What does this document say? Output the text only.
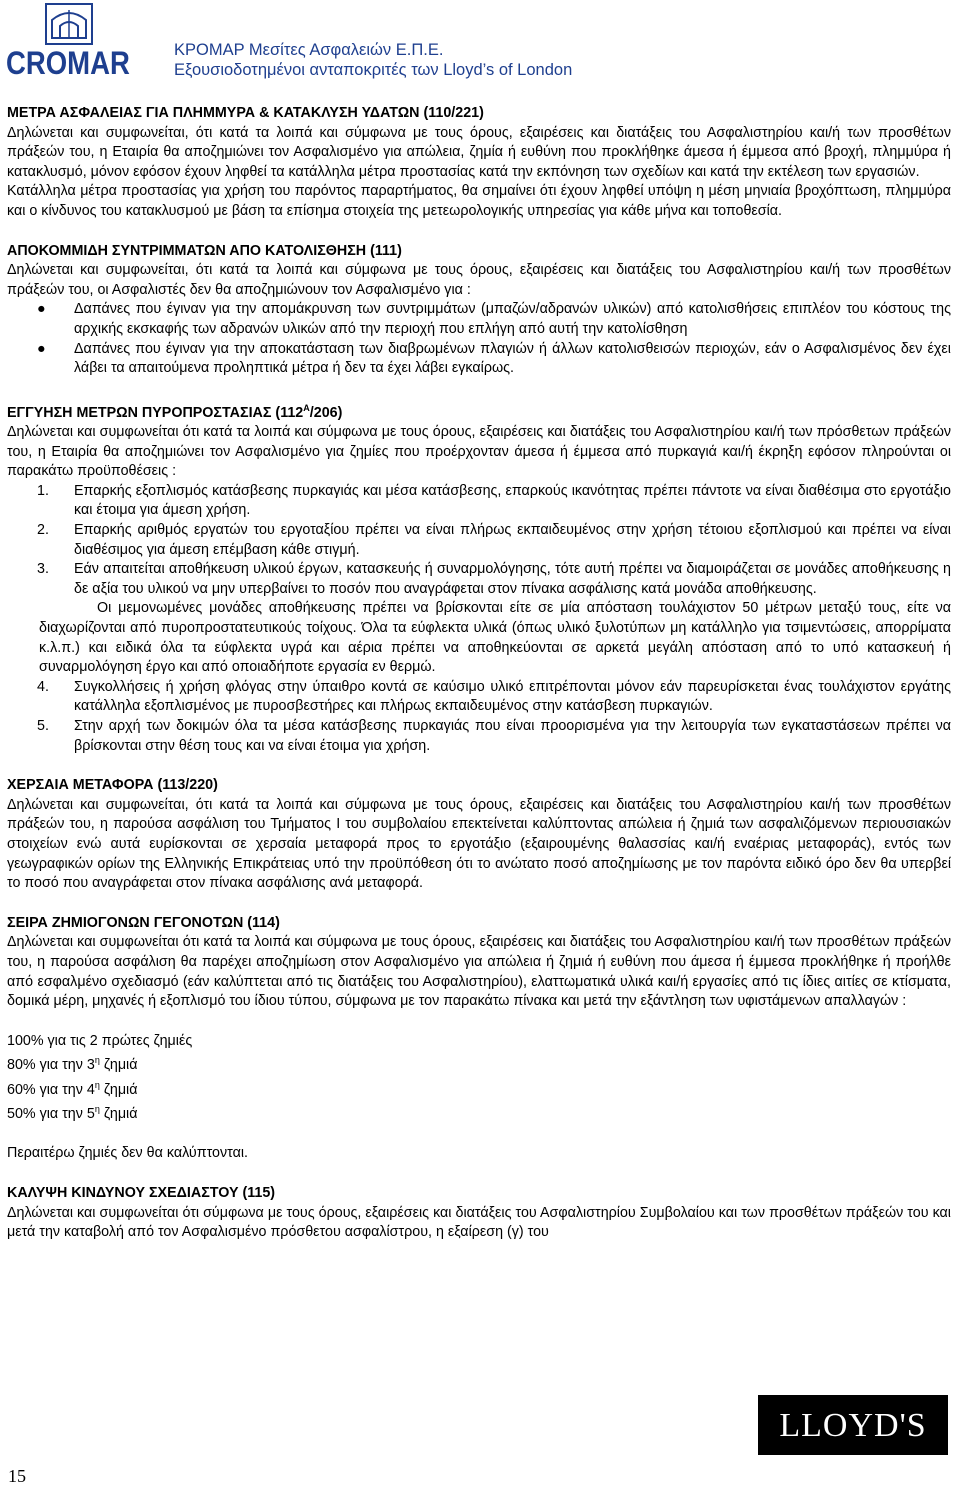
CROMAR	ΚΡΟΜΑΡ Μεσίτες Ασφαλειών Ε.Π.Ε.
Εξουσιοδοτημένοι ανταποκριτές των Lloyd’s of London

ΜΕΤΡΑ ΑΣΦΑΛΕΙΑΣ ΓΙΑ ΠΛΗΜΜΥΡΑ & ΚΑΤΑΚΛΥΣΗ ΥΔΑΤΩΝ (110/221)

Δηλώνεται και συμφωνείται, ότι κατά τα λοιπά και σύμφωνα με τους όρους, εξαιρέσεις και διατάξεις του Ασφαλιστηρίου και/ή των προσθέτων πράξεών του, η Εταιρία θα αποζημιώνει τον Ασφαλισμένο για απώλεια, ζημία ή ευθύνη που προκλήθηκε άμεσα ή έμμεσα από βροχή, πλημμύρα ή κατακλυσμό, μόνον εφόσον έχουν ληφθεί τα κατάλληλα μέτρα προστασίας κατά την εκπόνηση των σχεδίων και κατά την εκτέλεση των εργασιών.

Κατάλληλα μέτρα προστασίας για χρήση του παρόντος παραρτήματος, θα σημαίνει ότι έχουν ληφθεί υπόψη η μέση μηνιαία βροχόπτωση, πλημμύρα και ο κίνδυνος του κατακλυσμού με βάση τα επίσημα στοιχεία της μετεωρολογικής υπηρεσίας για κάθε μήνα και τοποθεσία.

ΑΠΟΚΟΜΜΙΔΗ ΣΥΝΤΡΙΜΜΑΤΩΝ ΑΠΟ ΚΑΤΟΛΙΣΘΗΣΗ (111)

Δηλώνεται και συμφωνείται, ότι κατά τα λοιπά και σύμφωνα με τους όρους, εξαιρέσεις και διατάξεις του Ασφαλιστηρίου και/ή των προσθέτων πράξεών του, οι Ασφαλιστές δεν θα αποζημιώνουν τον Ασφαλισμένο για :

● Δαπάνες που έγιναν για την απομάκρυνση των συντριμμάτων (μπαζών/αδρανών υλικών) από κατολισθήσεις επιπλέον του κόστους της αρχικής εκσκαφής των αδρανών υλικών από την περιοχή που επλήγη από αυτή την κατολίσθηση
● Δαπάνες που έγιναν για την αποκατάσταση των διαβρωμένων πλαγιών ή άλλων κατολισθεισών περιοχών, εάν ο Ασφαλισμένος δεν έχει λάβει τα απαιτούμενα προληπτικά μέτρα ή δεν τα έχει λάβει εγκαίρως.

ΕΓΓΥΗΣΗ ΜΕΤΡΩΝ ΠΥΡΟΠΡΟΣΤΑΣΙΑΣ $(112^A/206)$

Δηλώνεται και συμφωνείται ότι κατά τα λοιπά και σύμφωνα με τους όρους, εξαιρέσεις και διατάξεις του Ασφαλιστηρίου και/ή των πρόσθετων πράξεών του, η Εταιρία θα αποζημιώνει τον Ασφαλισμένο για ζημίες που προέρχονταν άμεσα ή έμμεσα από πυρκαγιά και/ή έκρηξη εφόσον πληρούνται οι παρακάτω προϋποθέσεις :

1. Επαρκής εξοπλισμός κατάσβεσης πυρκαγιάς και μέσα κατάσβεσης, επαρκούς ικανότητας πρέπει πάντοτε να είναι διαθέσιμα στο εργοτάξιο και έτοιμα για άμεση χρήση.
2. Επαρκής αριθμός εργατών του εργοταξίου πρέπει να είναι πλήρως εκπαιδευμένος στην χρήση τέτοιου εξοπλισμού και πρέπει να είναι διαθέσιμος για άμεση επέμβαση κάθε στιγμή.
3. Εάν απαιτείται αποθήκευση υλικού έργων, κατασκευής ή συναρμολόγησης, τότε αυτή πρέπει να διαμοιράζεται σε μονάδες αποθήκευσης η δε αξία του υλικού να μην υπερβαίνει το ποσόν που αναγράφεται στον πίνακα ασφάλισης κατά μονάδα αποθήκευσης.

Οι μεμονωμένες μονάδες αποθήκευσης πρέπει να βρίσκονται είτε σε μία απόσταση τουλάχιστον 50 μέτρων μεταξύ τους, είτε να διαχωρίζονται από πυροπροστατευτικούς τοίχους. Όλα τα εύφλεκτα υλικά (όπως υλικό ξυλοτύπων μη κατάλληλο για τσιμεντώσεις, απορρίματα κ.λ.π.) και ειδικά όλα τα εύφλεκτα υγρά και αέρια πρέπει να αποθηκεύονται σε αρκετά μεγάλη απόσταση από το υπό κατασκευή ή συναρμολόγηση έργο και από οποιαδήποτε εργασία εν θερμώ.

4. Συγκολλήσεις ή χρήση φλόγας στην ύπαιθρο κοντά σε καύσιμο υλικό επιτρέπονται μόνον εάν παρευρίσκεται ένας τουλάχιστον εργάτης κατάλληλα εξοπλισμένος με πυροσβεστήρες και πλήρως εκπαιδευμένος στην κατάσβεση πυρκαγιών.
5. Στην αρχή των δοκιμών όλα τα μέσα κατάσβεσης πυρκαγιάς που είναι προορισμένα για την λειτουργία των εγκαταστάσεων πρέπει να βρίσκονται στην θέση τους και να είναι έτοιμα για χρήση.

ΧΕΡΣΑΙΑ ΜΕΤΑΦΟΡΑ (113/220)

Δηλώνεται και συμφωνείται, ότι κατά τα λοιπά και σύμφωνα με τους όρους, εξαιρέσεις και διατάξεις του Ασφαλιστηρίου και/ή των προσθέτων πράξεών του, η παρούσα ασφάλιση του Τμήματος Ι του συμβολαίου επεκτείνεται καλύπτοντας απώλεια ή ζημιά των ασφαλιζόμενων περιουσιακών στοιχείων ενώ αυτά ευρίσκονται σε χερσαία μεταφορά προς το εργοτάξιο (εξαιρουμένης θαλασσίας και/ή εναέριας μεταφοράς), εντός των γεωγραφικών ορίων της Ελληνικής Επικράτειας υπό την προϋπόθεση ότι το ανώτατο ποσό αποζημίωσης με τον παρόντα ειδικό όρο δεν θα υπερβεί το ποσό που αναγράφεται στον πίνακα ασφάλισης ανά μεταφορά.

ΣΕΙΡΑ ΖΗΜΙΟΓΟΝΩΝ ΓΕΓΟΝΟΤΩΝ (114)

Δηλώνεται και συμφωνείται ότι κατά τα λοιπά και σύμφωνα με τους όρους, εξαιρέσεις και διατάξεις του Ασφαλιστηρίου και/ή των προσθέτων πράξεών του, η παρούσα ασφάλιση θα παρέχει αποζημίωση στον Ασφαλισμένο για απώλεια ή ζημιά ή ευθύνη που άμεσα ή έμμεσα προκλήθηκε ή προήλθε από εσφαλμένο σχεδιασμό (εάν καλύπτεται από τις διατάξεις του Ασφαλιστηρίου), ελαττωματικά υλικά και/ή εργασίες από τις ίδιες αιτίες σε κτίσματα, δομικά μέρη, μηχανές ή εξοπλισμό του ίδιου τύπου, σύμφωνα με τον παρακάτω πίνακα και μετά την εξάντληση των υφιστάμενων απαλλαγών :

100% για τις 2 πρώτες ζημιές

80% για την $3^\eta$ ζημιά

60% για την $4^\eta$ ζημιά

50% για την $5^\eta$ ζημιά

Περαιτέρω ζημιές δεν θα καλύπτονται.

ΚΑΛΥΨΗ ΚΙΝΔΥΝΟΥ ΣΧΕΔΙΑΣΤΟΥ (115)

Δηλώνεται και συμφωνείται ότι σύμφωνα με τους όρους, εξαιρέσεις και διατάξεις του Ασφαλιστηρίου Συμβολαίου και των προσθέτων πράξεών του και μετά την καταβολή από τον Ασφαλισμένο πρόσθετου ασφαλίστρου, η εξαίρεση (γ) του

LLOYD'S
15
